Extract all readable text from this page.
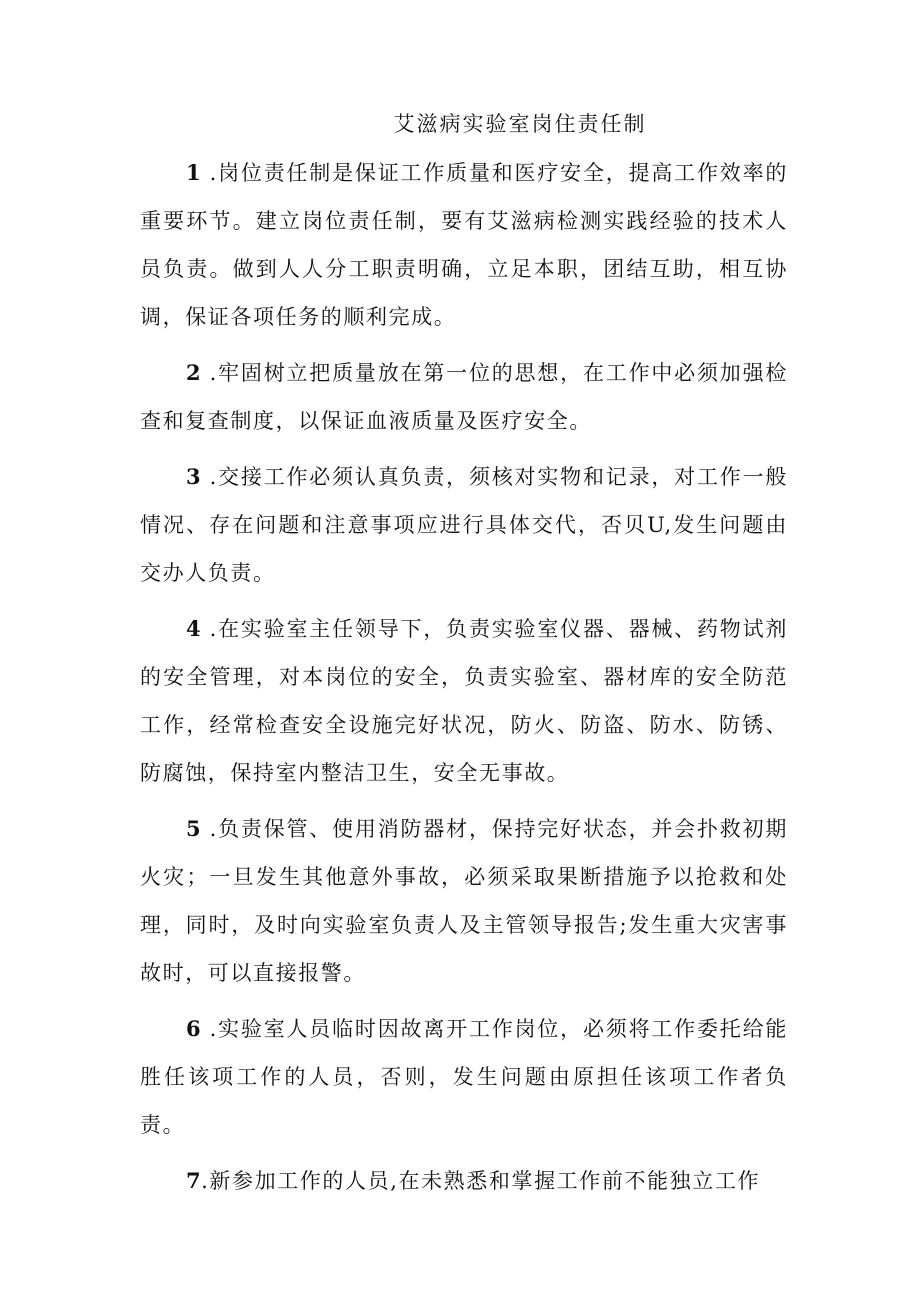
艾滋病实验室岗住责任制

1 .岗位责任制是保证工作质量和医疗安全，提高工作效率的重要环节。建立岗位责任制，要有艾滋病检测实践经验的技术人员负责。做到人人分工职责明确，立足本职，团结互助，相互协调，保证各项任务的顺利完成。

2 .牢固树立把质量放在第一位的思想，在工作中必须加强检查和复查制度，以保证血液质量及医疗安全。

3 .交接工作必须认真负责，须核对实物和记录，对工作一般情况、存在问题和注意事项应进行具体交代，否贝U,发生问题由交办人负责。

4 .在实验室主任领导下，负责实验室仪器、器械、药物试剂的安全管理，对本岗位的安全，负责实验室、器材库的安全防范工作，经常检查安全设施完好状况，防火、防盗、防水、防锈、防腐蚀，保持室内整洁卫生，安全无事故。

5 .负责保管、使用消防器材，保持完好状态，并会扑救初期火灾；一旦发生其他意外事故，必须采取果断措施予以抢救和处理，同时，及时向实验室负责人及主管领导报告;发生重大灾害事故时，可以直接报警。

6 .实验室人员临时因故离开工作岗位，必须将工作委托给能胜任该项工作的人员，否则，发生问题由原担任该项工作者负责。

7.新参加工作的人员,在未熟悉和掌握工作前不能独立工作
